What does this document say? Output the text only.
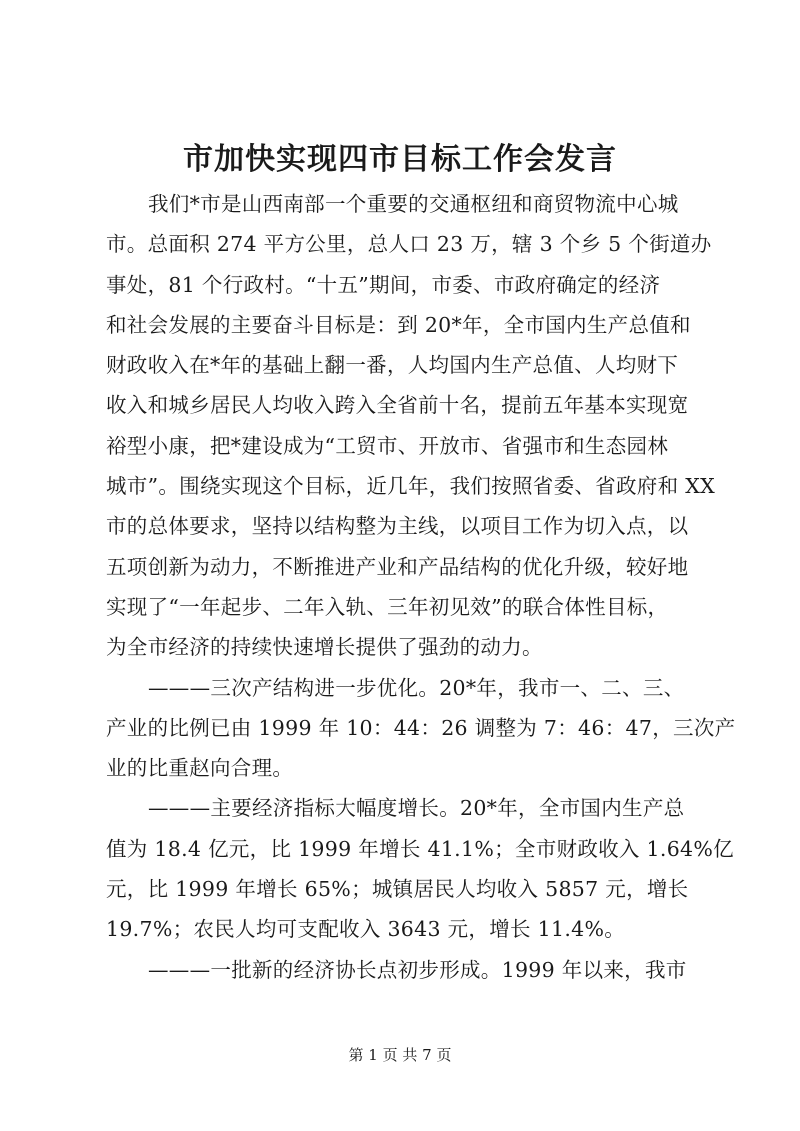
市加快实现四市目标工作会发言
我们*市是山西南部一个重要的交通枢纽和商贸物流中心城
市。总面积 274 平方公里，总人口 23 万，辖 3 个乡 5 个街道办
事处，81 个行政村。“十五”期间，市委、市政府确定的经济
和社会发展的主要奋斗目标是：到 20*年，全市国内生产总值和
财政收入在*年的基础上翻一番，人均国内生产总值、人均财下
收入和城乡居民人均收入跨入全省前十名，提前五年基本实现宽
裕型小康，把*建设成为“工贸市、开放市、省强市和生态园林
城市”。围绕实现这个目标，近几年，我们按照省委、省政府和 XX
市的总体要求，坚持以结构整为主线，以项目工作为切入点，以
五项创新为动力，不断推进产业和产品结构的优化升级，较好地
实现了“一年起步、二年入轨、三年初见效”的联合体性目标，
为全市经济的持续快速增长提供了强劲的动力。
———三次产结构进一步优化。20*年，我市一、二、三、
产业的比例已由 1999 年 10：44：26 调整为 7：46：47，三次产
业的比重赵向合理。
———主要经济指标大幅度增长。20*年，全市国内生产总
值为 18.4 亿元，比 1999 年增长 41.1%；全市财政收入 1.64%亿
元，比 1999 年增长 65%；城镇居民人均收入 5857 元，增长
19.7%；农民人均可支配收入 3643 元，增长 11.4%。
———一批新的经济协长点初步形成。1999 年以来，我市
第 1 页 共 7 页
